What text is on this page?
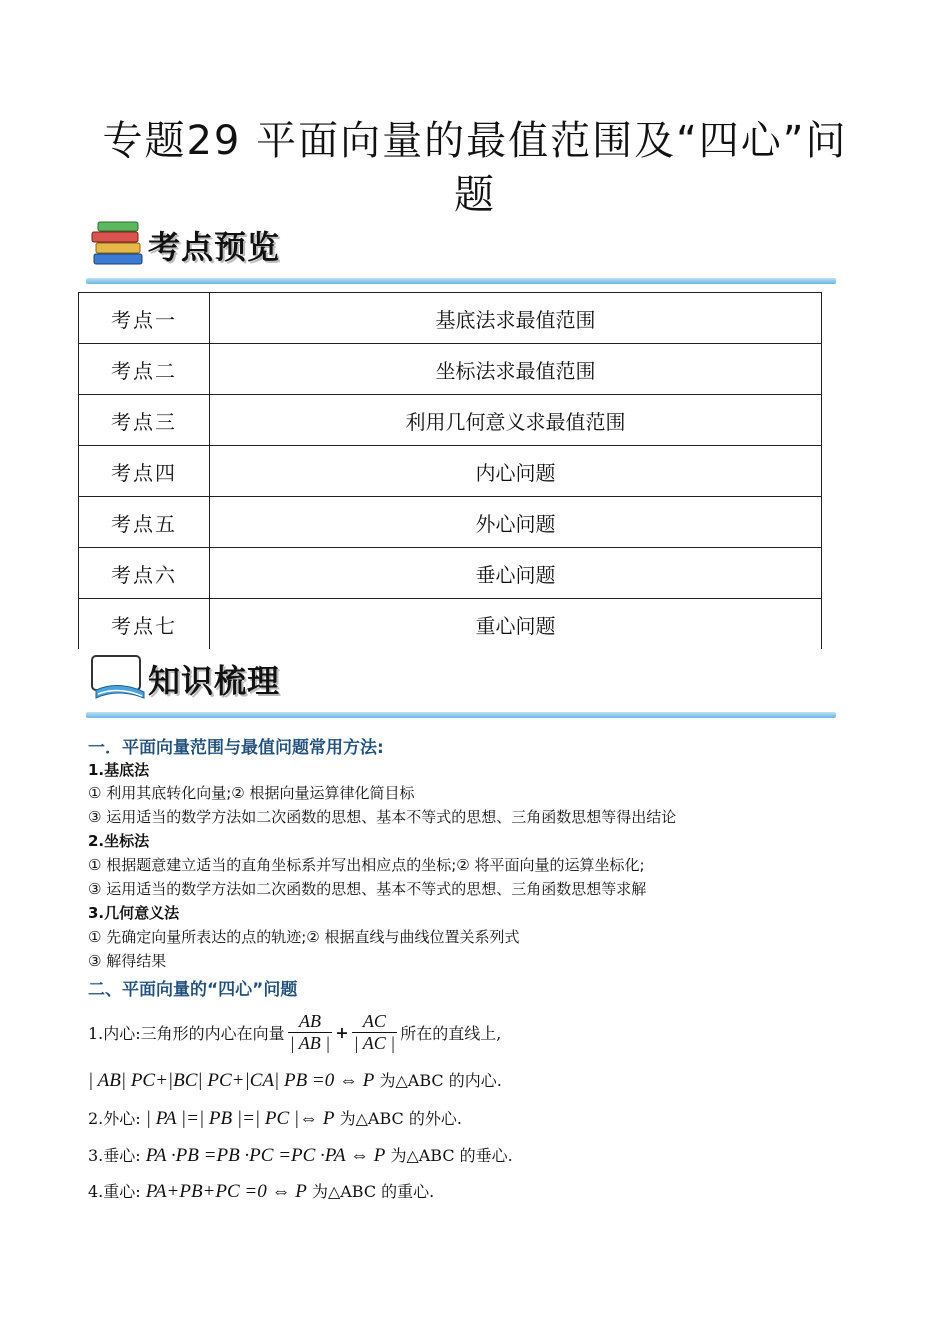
专题29 平面向量的最值范围及“四心”问
题
考点预览
考点一	基底法求最值范围
考点二	坐标法求最值范围
考点三	利用几何意义求最值范围
考点四	内心问题
考点五	外心问题
考点六	垂心问题
考点七	重心问题
知识梳理
一．平面向量范围与最值问题常用方法:
1.基底法
① 利用其底转化向量;② 根据向量运算律化简目标
③ 运用适当的数学方法如二次函数的思想、基本不等式的思想、三角函数思想等得出结论
2.坐标法
① 根据题意建立适当的直角坐标系并写出相应点的坐标;② 将平面向量的运算坐标化;
③ 运用适当的数学方法如二次函数的思想、基本不等式的思想、三角函数思想等求解
3.几何意义法
① 先确定向量所表达的点的轨迹;② 根据直线与曲线位置关系列式
③ 解得结果
二、平面向量的“四心”问题
1.内心:三角形的内心在向量 $\frac{AB}{| AB |} + \frac{AC}{| AC |}$ 所在的直线上,
| AB| PC+|BC| PC+|CA| PB =0 ⇔ P 为△ABC 的内心.
2.外心: | PA |=| PB |=| PC |⇔ P 为△ABC 的外心.
3.垂心: PA ·PB =PB ·PC =PC ·PA ⇔ P 为△ABC 的垂心.
4.重心: PA+PB+PC =0 ⇔ P 为△ABC 的重心.
